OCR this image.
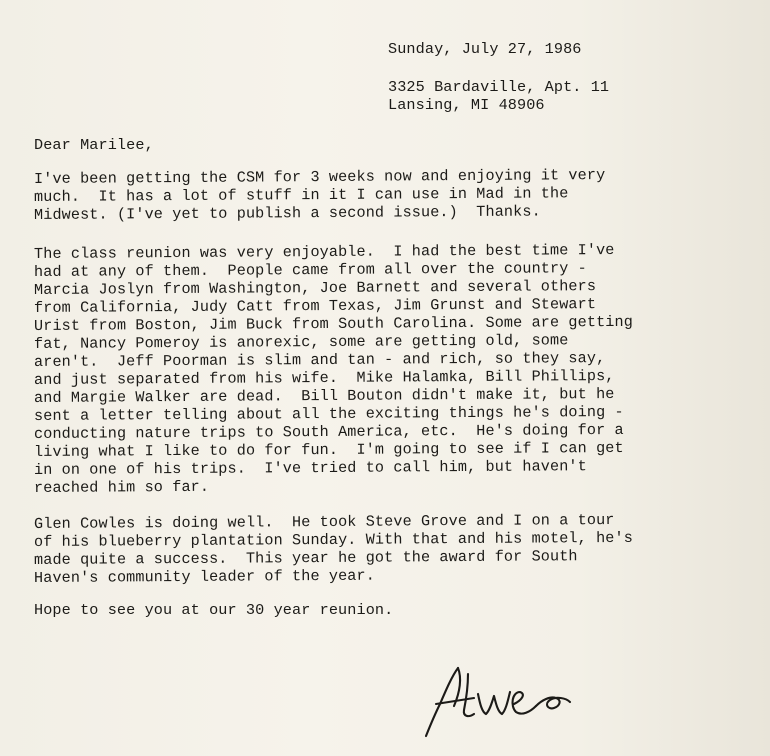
Sunday, July 27, 1986
3325 Bardaville, Apt. 11
Lansing, MI 48906
Dear Marilee,
I've been getting the CSM for 3 weeks now and enjoying it very
much.  It has a lot of stuff in it I can use in Mad in the
Midwest. (I've yet to publish a second issue.)  Thanks.
The class reunion was very enjoyable.  I had the best time I've
had at any of them.  People came from all over the country -
Marcia Joslyn from Washington, Joe Barnett and several others
from California, Judy Catt from Texas, Jim Grunst and Stewart
Urist from Boston, Jim Buck from South Carolina. Some are getting
fat, Nancy Pomeroy is anorexic, some are getting old, some
aren't.  Jeff Poorman is slim and tan - and rich, so they say,
and just separated from his wife.  Mike Halamka, Bill Phillips,
and Margie Walker are dead.  Bill Bouton didn't make it, but he
sent a letter telling about all the exciting things he's doing -
conducting nature trips to South America, etc.  He's doing for a
living what I like to do for fun.  I'm going to see if I can get
in on one of his trips.  I've tried to call him, but haven't
reached him so far.
Glen Cowles is doing well.  He took Steve Grove and I on a tour
of his blueberry plantation Sunday. With that and his motel, he's
made quite a success.  This year he got the award for South
Haven's community leader of the year.
Hope to see you at our 30 year reunion.
